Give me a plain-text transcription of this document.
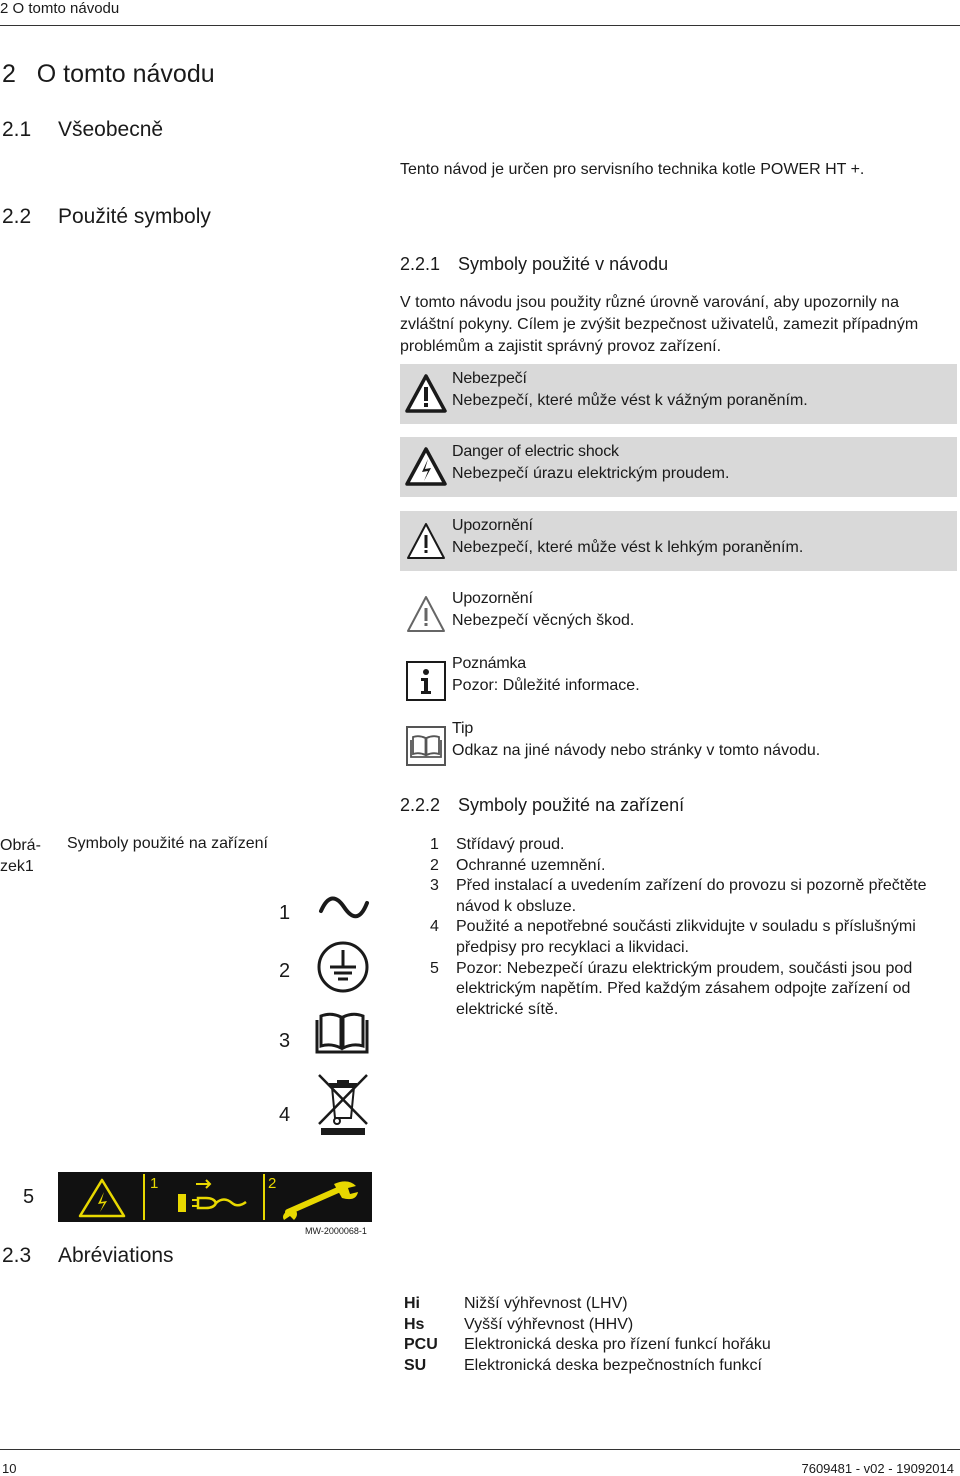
2 O tomto návodu
2 O tomto návodu
2.1 Všeobecně
Tento návod je určen pro servisního technika kotle POWER HT +.
2.2 Použité symboly
2.2.1 Symboly použité v návodu
V tomto návodu jsou použity různé úrovně varování, aby upozornily na
zvláštní pokyny. Cílem je zvýšit bezpečnost uživatelů, zamezit případným
problémům a zajistit správný provoz zařízení.
Nebezpečí
Nebezpečí, které může vést k vážným poraněním.
Danger of electric shock
Nebezpečí úrazu elektrickým proudem.
Upozornění
Nebezpečí, které může vést k lehkým poraněním.
Upozornění
Nebezpečí věcných škod.
Poznámka
Pozor: Důležité informace.
Tip
Odkaz na jiné návody nebo stránky v tomto návodu.
2.2.2 Symboly použité na zařízení
Obrá-
zek1
Symboly použité na zařízení
1
2
3
4
5
1	2
MW-2000068-1
1	Střídavý proud.
2	Ochranné uzemnění.
3	Před instalací a uvedením zařízení do provozu si pozorně přečtěte
návod k obsluze.
4	Použité a nepotřebné součásti zlikvidujte v souladu s příslušnými
předpisy pro recyklaci a likvidaci.
5	Pozor: Nebezpečí úrazu elektrickým proudem, součásti jsou pod
elektrickým napětím. Před každým zásahem odpojte zařízení od
elektrické sítě.
2.3 Abréviations
Hi	Nižší výhřevnost (LHV)
Hs	Vyšší výhřevnost (HHV)
PCU	Elektronická deska pro řízení funkcí hořáku
SU	Elektronická deska bezpečnostních funkcí
10	7609481 - v02 - 19092014
